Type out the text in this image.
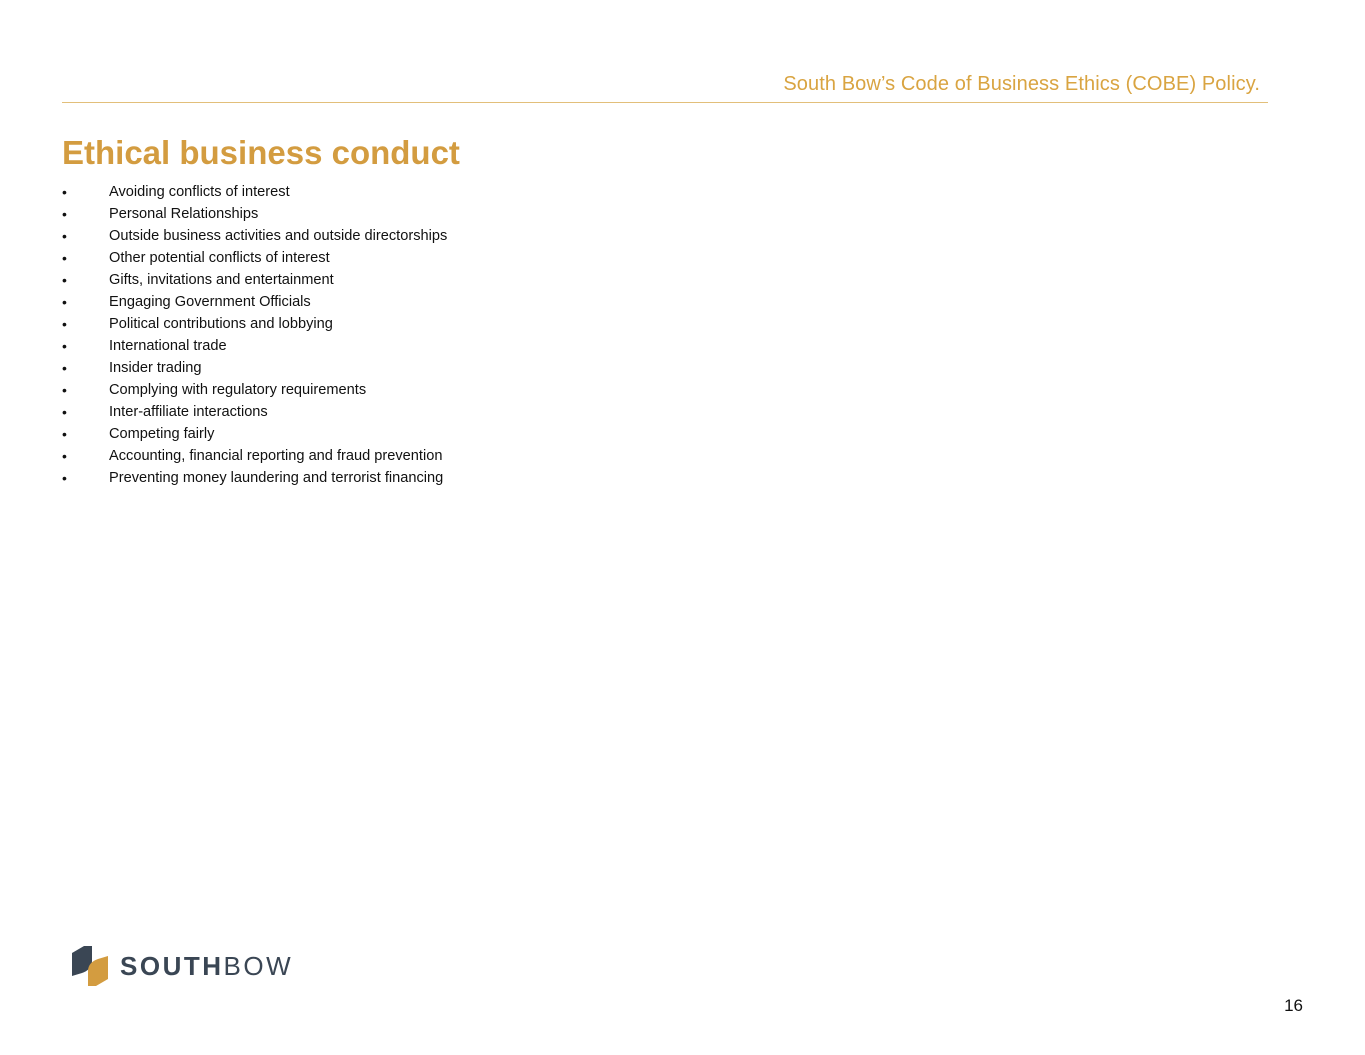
South Bow’s Code of Business Ethics (COBE) Policy.
Ethical business conduct
•	Avoiding conflicts of interest
•	Personal Relationships
•	Outside business activities and outside directorships
•	Other potential conflicts of interest
•	Gifts, invitations and entertainment
•	Engaging Government Officials
•	Political contributions and lobbying
•	International trade
•	Insider trading
•	Complying with regulatory requirements
•	Inter-affiliate interactions
•	Competing fairly
•	Accounting, financial reporting and fraud prevention
•	Preventing money laundering and terrorist financing
SOUTHBOW
16
